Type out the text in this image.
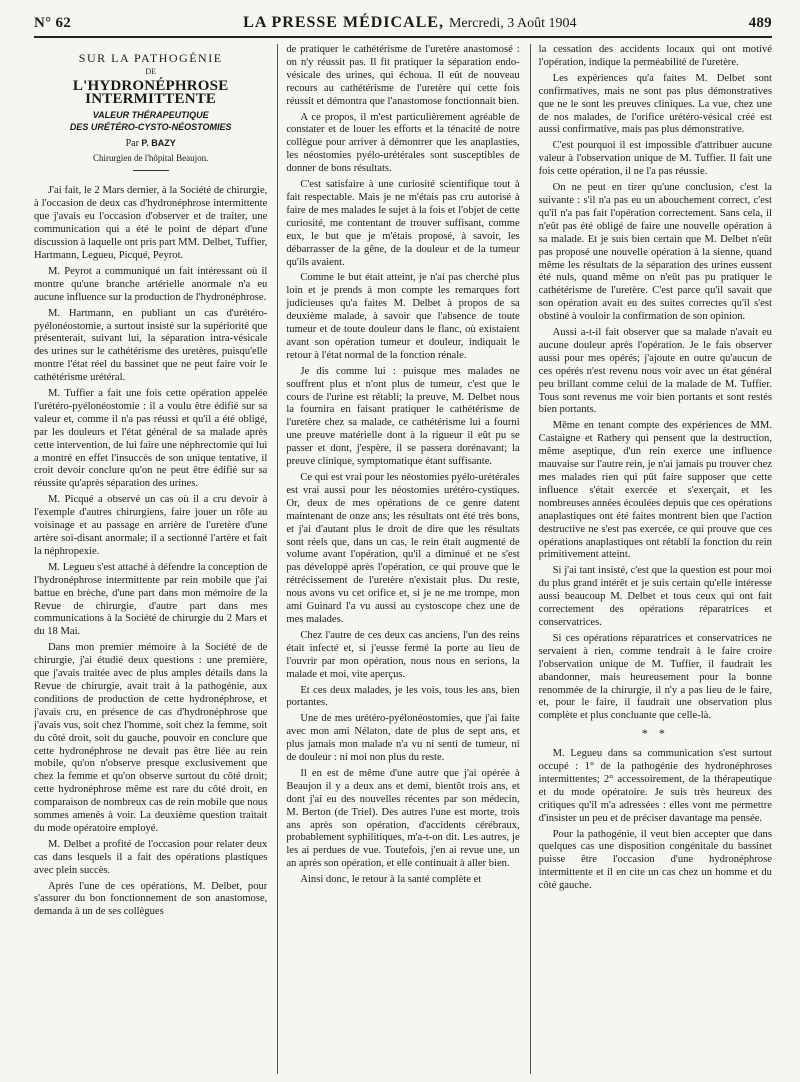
N° 62	LA PRESSE MÉDICALE, Mercredi, 3 Août 1904	489
SUR LA PATHOGÉNIE
DE
L'HYDRONÉPHROSE INTERMITTENTE
VALEUR THÉRAPEUTIQUE
DES URÉTÉRO-CYSTO-NÉOSTOMIES
Par P. BAZY
Chirurgien de l'hôpital Beaujon.

J'ai fait, le 2 Mars dernier, à la Société de chirurgie, à l'occasion de deux cas d'hydronéphrose intermittente que j'avais eu l'occasion d'observer et de traiter, une communication qui a été le point de départ d'une discussion à laquelle ont pris part MM. Delbet, Tuffier, Hartmann, Legueu, Picqué, Peyrot.

M. Peyrot a communiqué un fait intéressant où il montre qu'une branche artérielle anormale n'a eu aucune influence sur la production de l'hydronéphrose.

M. Hartmann, en publiant un cas d'urétéro-pyélonéostomie, a surtout insisté sur la supériorité que présenterait, suivant lui, la séparation intra-vésicale des urines sur le cathétérisme des uretères, puisqu'elle montre l'état réel du bassinet que ne peut faire voir le cathétérisme urétéral.

M. Tuffier a fait une fois cette opération appelée l'urétéro-pyélonéostomie : il a voulu être édifié sur sa valeur et, comme il n'a pas réussi et qu'il a été obligé, par les douleurs et l'état général de sa malade après cette intervention, de lui faire une néphrectomie qui lui a montré en effet l'insuccès de son unique tentative, il croit devoir conclure qu'on ne peut être édifié sur sa réussite qu'après séparation des urines.

M. Picqué a observé un cas où il a cru devoir à l'exemple d'autres chirurgiens, faire jouer un rôle au voisinage et au passage en arrière de l'uretère d'une artère soi-disant anormale; il a sectionné l'artère et fait la néphropexie.

M. Legueu s'est attaché à défendre la conception de l'hydronéphrose intermittente par rein mobile que j'ai battue en brèche, d'une part dans mon mémoire de la Revue de chirurgie, d'autre part dans mes communications à la Société de chirurgie du 2 Mars et du 18 Mai.

Dans mon premier mémoire à la Société de de chirurgie, j'ai étudié deux questions : une première, que j'avais traitée avec de plus amples détails dans la Revue de chirurgie, avait trait à la pathogénie, aux conditions de production de cette hydronéphrose, et j'avais cru, en présence de cas d'hydronéphrose que j'avais vus, soit chez l'homme, soit chez la femme, soit du côté droit, soit du gauche, pouvoir en conclure que cette hydronéphrose ne devait pas être liée au rein mobile, qu'on n'observe presque exclusivement que chez la femme et qu'on observe surtout du côté droit; cette hydronéphrose même est rare du côté droit, en comparaison de nombreux cas de rein mobile que nous sommes amenés à voir. La deuxième question traitait du mode opératoire employé.

M. Delbet a profité de l'occasion pour relater deux cas dans lesquels il a fait des opérations plastiques avec plein succès.

Après l'une de ces opérations, M. Delbet, pour s'assurer du bon fonctionnement de son anastomose, demanda à un de ses collègues

de pratiquer le cathétérisme de l'uretère anastomosé : on n'y réussit pas. Il fit pratiquer la séparation endo-vésicale des urines, qui échoua. Il eût de nouveau recours au cathétérisme de l'uretère qui cette fois réussit et démontra que l'anastomose fonctionnait bien.

A ce propos, il m'est particulièrement agréable de constater et de louer les efforts et la ténacité de notre collègue pour arriver à démontrer que les anaplasties, les néostomies pyélo-urétérales sont susceptibles de donner de bons résultats.

C'est satisfaire à une curiosité scientifique tout à fait respectable. Mais je ne m'étais pas cru autorisé à faire de mes malades le sujet à la fois et l'objet de cette curiosité, me contentant de trouver suffisant, comme eux, le but que je m'étais proposé, à savoir, les débarrasser de la gêne, de la douleur et de la tumeur qu'ils avaient.

Comme le but était atteint, je n'ai pas cherché plus loin et je prends à mon compte les remarques fort judicieuses qu'a faites M. Delbet à propos de sa deuxième malade, à savoir que l'absence de toute tumeur et de toute douleur dans le flanc, où existaient avant son opération tumeur et douleur, indiquait le retour à l'état normal de la fonction rénale.

Je dis comme lui : puisque mes malades ne souffrent plus et n'ont plus de tumeur, c'est que le cours de l'urine est rétabli; la preuve, M. Delbet nous la fournira en faisant pratiquer le cathétérisme de l'uretère chez sa malade, ce cathétérisme lui a fourni une preuve matérielle dont à la rigueur il eût pu se passer et dont, j'espère, il se passera dorénavant; la preuve clinique, symptomatique étant suffisante.

Ce qui est vrai pour les néostomies pyélo-urétérales est vrai aussi pour les néostomies urétéro-cystiques. Or, deux de mes opérations de ce genre datent maintenant de onze ans; les résultats ont été très bons, et j'ai d'autant plus le droit de dire que les résultats sont réels que, dans un cas, le rein était augmenté de volume avant l'opération, qu'il a diminué et ne s'est pas développé après l'opération, ce qui prouve que le rétrécissement de l'uretère n'existait plus. Du reste, nous avons vu cet orifice et, si je ne me trompe, mon ami Guinard l'a vu aussi au cystoscope chez une de mes malades.

Chez l'autre de ces deux cas anciens, l'un des reins était infecté et, si j'eusse fermé la porte au lieu de l'ouvrir par mon opération, nous nous en serions, la malade et moi, vite aperçus.

Et ces deux malades, je les vois, tous les ans, bien portantes.

Une de mes urétéro-pyélonéostomies, que j'ai faite avec mon ami Nélaton, date de plus de sept ans, et plus jamais mon malade n'a vu ni senti de tumeur, ni de douleur : ni moi non plus du reste.

Il en est de même d'une autre que j'ai opérée à Beaujon il y a deux ans et demi, bientôt trois ans, et dont j'ai eu des nouvelles récentes par son médecin, M. Berton (de Triel). Des autres l'une est morte, trois ans après son opération, d'accidents cérébraux, probablement syphilitiques, m'a-t-on dit. Les autres, je les ai perdues de vue. Toutefois, j'en ai revue une, un an après son opération, et elle continuait à aller bien.

Ainsi donc, le retour à la santé complète et

la cessation des accidents locaux qui ont motivé l'opération, indique la perméabilité de l'uretère.

Les expériences qu'a faites M. Delbet sont confirmatives, mais ne sont pas plus démonstratives que ne le sont les preuves cliniques. La vue, chez une de nos malades, de l'orifice urétéro-vésical créé est aussi confirmative, mais pas plus démonstrative.

C'est pourquoi il est impossible d'attribuer aucune valeur à l'observation unique de M. Tuffier. Il fait une fois cette opération, il ne l'a pas réussie.

On ne peut en tirer qu'une conclusion, c'est la suivante : s'il n'a pas eu un abouchement correct, c'est qu'il n'a pas fait l'opération correctement. Sans cela, il n'eût pas été obligé de faire une nouvelle opération à sa malade. Et je suis bien certain que M. Delbet n'eût pas proposé une nouvelle opération à la sienne, quand même les résultats de la séparation des urines eussent été nuls, quand même on n'eût pas pu pratiquer le cathétérisme de l'uretère. C'est parce qu'il savait que son opération avait eu des suites correctes qu'il s'est obstiné à vouloir la confirmation de son opinion.

Aussi a-t-il fait observer que sa malade n'avait eu aucune douleur après l'opération. Je le fais observer aussi pour mes opérés; j'ajoute en outre qu'aucun de ces opérés n'est revenu nous voir avec un état général peu brillant comme celui de la malade de M. Tuffier. Tous sont revenus me voir bien portants et sont restés bien portants.

Même en tenant compte des expériences de MM. Castaigne et Rathery qui pensent que la destruction, même aseptique, d'un rein exerce une influence mauvaise sur l'autre rein, je n'ai jamais pu trouver chez mes malades rien qui pût faire supposer que cette influence s'était exercée et s'exerçait, et les nombreuses années écoulées depuis que ces opérations anaplastiques ont été faites montrent bien que l'action destructive ne s'est pas exercée, ce qui prouve que ces opérations anaplastiques ont rétabli la fonction du rein primitivement atteint.

Si j'ai tant insisté, c'est que la question est pour moi du plus grand intérêt et je suis certain qu'elle intéresse aussi beaucoup M. Delbet et tous ceux qui ont fait correctement des opérations réparatrices et conservatrices.

Si ces opérations réparatrices et conservatrices ne servaient à rien, comme tendrait à le faire croire l'observation unique de M. Tuffier, il faudrait les abandonner, mais heureusement pour la bonne renommée de la chirurgie, il n'y a pas lieu de le faire, et, pour le faire, il faudrait une observation plus complète et plus concluante que celle-là.

* *

M. Legueu dans sa communication s'est surtout occupé : 1° de la pathogénie des hydronéphroses intermittentes; 2° accessoirement, de la thérapeutique et du mode opératoire. Je suis très heureux des critiques qu'il m'a adressées : elles vont me permettre d'insister un peu et de préciser davantage ma pensée.

Pour la pathogénie, il veut bien accepter que dans quelques cas une disposition congénitale du bassinet puisse être l'occasion d'une hydronéphrose intermittente et il en cite un cas chez un homme et du côté gauche.
